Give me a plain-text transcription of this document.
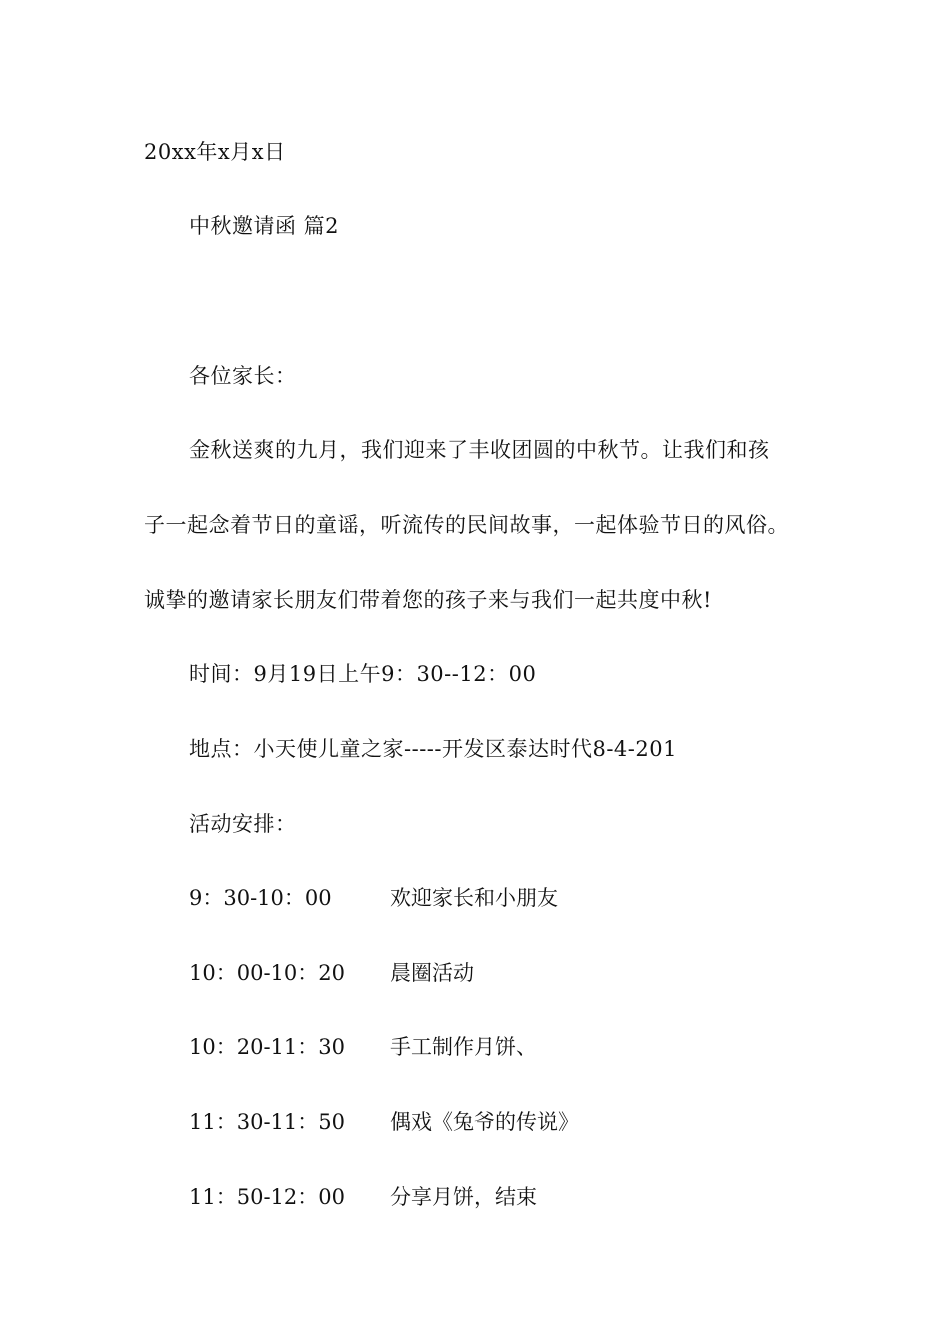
20xx年x月x日
中秋邀请函 篇2
各位家长：
金秋送爽的九月，我们迎来了丰收团圆的中秋节。让我们和孩
子一起念着节日的童谣，听流传的民间故事，一起体验节日的风俗。
诚挚的邀请家长朋友们带着您的孩子来与我们一起共度中秋!
时间：9月19日上午9：30--12：00
地点：小天使儿童之家-----开发区泰达时代8-4-201
活动安排：
9：30-10：00	欢迎家长和小朋友
10：00-10：20 晨圈活动
10：20-11：30 手工制作月饼、
11：30-11：50 偶戏《兔爷的传说》
11：50-12：00 分享月饼，结束
